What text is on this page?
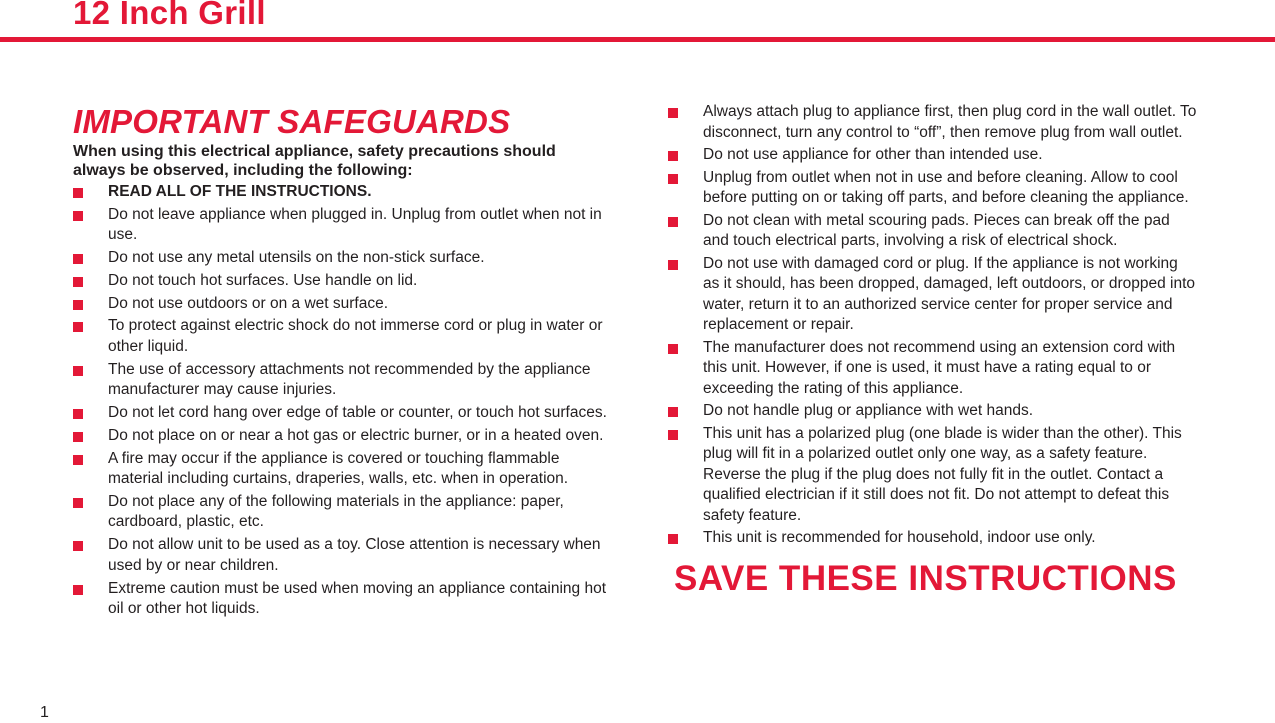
12 Inch Grill
IMPORTANT SAFEGUARDS

When using this electrical appliance, safety precautions should always be observed, including the following:

READ ALL OF THE INSTRUCTIONS.
Do not leave appliance when plugged in. Unplug from outlet when not in use.
Do not use any metal utensils on the non-stick surface.
Do not touch hot surfaces. Use handle on lid.
Do not use outdoors or on a wet surface.
To protect against electric shock do not immerse cord or plug in water or other liquid.
The use of accessory attachments not recommended by the appliance manufacturer may cause injuries.
Do not let cord hang over edge of table or counter, or touch hot surfaces.
Do not place on or near a hot gas or electric burner, or in a heated oven.
A fire may occur if the appliance is covered or touching flammable material including curtains, draperies, walls, etc. when in operation.
Do not place any of the following materials in the appliance: paper, cardboard, plastic, etc.
Do not allow unit to be used as a toy. Close attention is necessary when used by or near children.
Extreme caution must be used when moving an appliance containing hot oil or other hot liquids.
Always attach plug to appliance first, then plug cord in the wall outlet. To disconnect, turn any control to “off”, then remove plug from wall outlet.
Do not use appliance for other than intended use.
Unplug from outlet when not in use and before cleaning. Allow to cool before putting on or taking off parts, and before cleaning the appliance.
Do not clean with metal scouring pads. Pieces can break off the pad and touch electrical parts, involving a risk of electrical shock.
Do not use with damaged cord or plug. If the appliance is not working as it should, has been dropped, damaged, left outdoors, or dropped into water, return it to an authorized service center for proper service and replacement or repair.
The manufacturer does not recommend using an extension cord with this unit. However, if one is used, it must have a rating equal to or exceeding the rating of this appliance.
Do not handle plug or appliance with wet hands.
This unit has a polarized plug (one blade is wider than the other). This plug will fit in a polarized outlet only one way, as a safety feature. Reverse the plug if the plug does not fully fit in the outlet. Contact a qualified electrician if it still does not fit. Do not attempt to defeat this safety feature.
This unit is recommended for household, indoor use only.
SAVE THESE INSTRUCTIONS
1
